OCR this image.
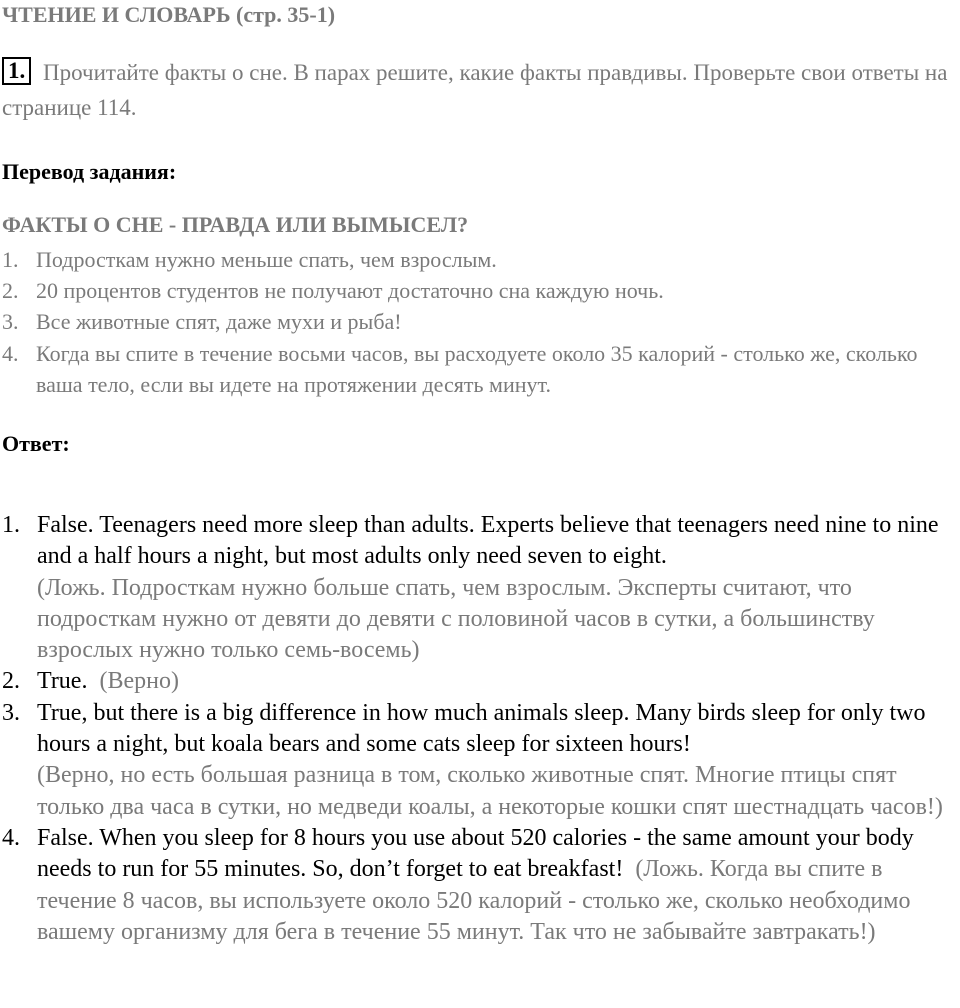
ЧТЕНИЕ И СЛОВАРЬ (стр. 35-1)
1. Прочитайте факты о сне. В парах решите, какие факты правдивы. Проверьте свои ответы на странице 114.
Перевод задания:
ФАКТЫ О СНЕ - ПРАВДА ИЛИ ВЫМЫСЕЛ?
1. Подросткам нужно меньше спать, чем взрослым.
2. 20 процентов студентов не получают достаточно сна каждую ночь.
3. Все животные спят, даже мухи и рыба!
4. Когда вы спите в течение восьми часов, вы расходуете около 35 калорий - столько же, сколько ваша тело, если вы идете на протяжении десять минут.
Ответ:
1. False. Teenagers need more sleep than adults. Experts believe that teenagers need nine to nine and a half hours a night, but most adults only need seven to eight.
(Ложь. Подросткам нужно больше спать, чем взрослым. Эксперты считают, что подросткам нужно от девяти до девяти с половиной часов в сутки, а большинству взрослых нужно только семь-восемь)
2. True. (Верно)
3. True, but there is a big difference in how much animals sleep. Many birds sleep for only two hours a night, but koala bears and some cats sleep for sixteen hours!
(Верно, но есть большая разница в том, сколько животные спят. Многие птицы спят только два часа в сутки, но медведи коалы, а некоторые кошки спят шестнадцать часов!)
4. False. When you sleep for 8 hours you use about 520 calories - the same amount your body needs to run for 55 minutes. So, don’t forget to eat breakfast! (Ложь. Когда вы спите в течение 8 часов, вы используете около 520 калорий - столько же, сколько необходимо вашему организму для бега в течение 55 минут. Так что не забывайте завтракать!)
